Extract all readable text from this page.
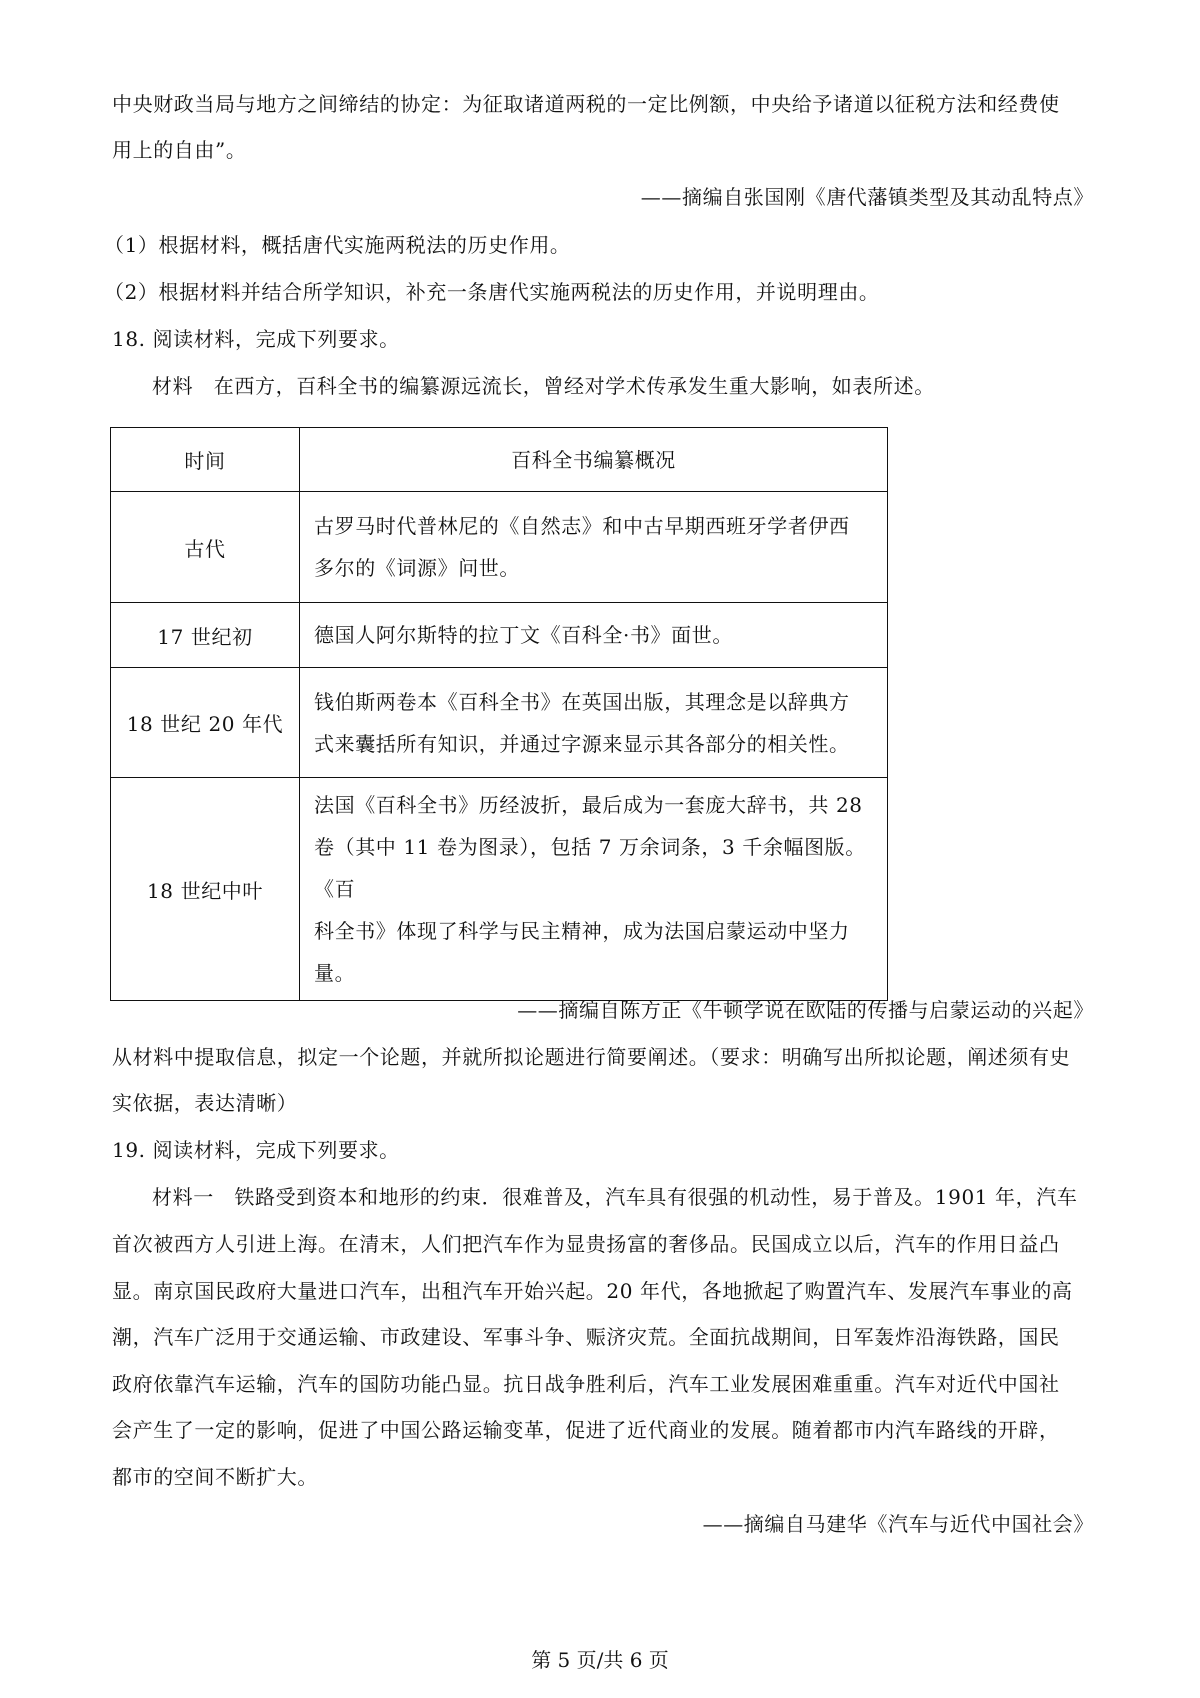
中央财政当局与地方之间缔结的协定：为征取诸道两税的一定比例额，中央给予诸道以征税方法和经费使
用上的自由”。
——摘编自张国刚《唐代藩镇类型及其动乱特点》
（1）根据材料，概括唐代实施两税法的历史作用。
（2）根据材料并结合所学知识，补充一条唐代实施两税法的历史作用，并说明理由。
18. 阅读材料，完成下列要求。
材料　在西方，百科全书的编纂源远流长，曾经对学术传承发生重大影响，如表所述。
时间	百科全书编纂概况
古代	古罗马时代普林尼的《自然志》和中古早期西班牙学者伊西
多尔的《词源》问世。

17 世纪初	德国人阿尔斯特的拉丁文《百科全·书》面世。

18 世纪 20 年代	钱伯斯两卷本《百科全书》在英国出版，其理念是以辞典方
式来囊括所有知识，并通过字源来显示其各部分的相关性。

18 世纪中叶	法国《百科全书》历经波折，最后成为一套庞大辞书，共 28
卷（其中 11 卷为图录），包括 7 万余词条，3 千余幅图版。《百
科全书》体现了科学与民主精神，成为法国启蒙运动中坚力
量。
——摘编自陈方正《牛顿学说在欧陆的传播与启蒙运动的兴起》
从材料中提取信息，拟定一个论题，并就所拟论题进行简要阐述。（要求：明确写出所拟论题，阐述须有史
实依据，表达清晰）
19. 阅读材料，完成下列要求。
材料一　铁路受到资本和地形的约束．很难普及，汽车具有很强的机动性，易于普及。1901 年，汽车
首次被西方人引进上海。在清末，人们把汽车作为显贵扬富的奢侈品。民国成立以后，汽车的作用日益凸
显。南京国民政府大量进口汽车，出租汽车开始兴起。20 年代，各地掀起了购置汽车、发展汽车事业的高
潮，汽车广泛用于交通运输、市政建设、军事斗争、赈济灾荒。全面抗战期间，日军轰炸沿海铁路，国民
政府依靠汽车运输，汽车的国防功能凸显。抗日战争胜利后，汽车工业发展困难重重。汽车对近代中国社
会产生了一定的影响，促进了中国公路运输变革，促进了近代商业的发展。随着都市内汽车路线的开辟，
都市的空间不断扩大。
——摘编自马建华《汽车与近代中国社会》
第 5 页/共 6 页
